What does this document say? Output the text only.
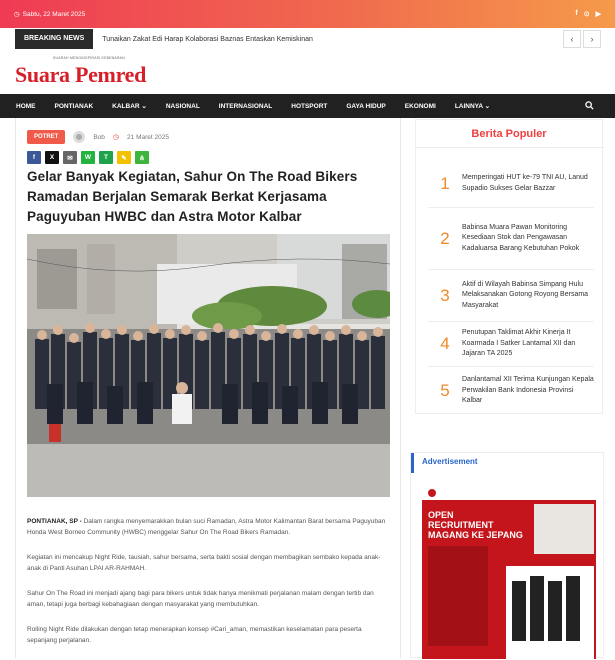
◷ Sabtu, 22 Maret 2025	f ⊙ ▶
BREAKING NEWS	Tunaikan Zakat Edi Harap Kolaborasi Baznas Entaskan Kemiskinan	‹	›
SUARAH MENGINSPIRASI KEBENARAN
Suara Pemred
HOME	PONTIANAK	KALBAR ⌄	NASIONAL	INTERNASIONAL	HOTSPORT	GAYA HIDUP	EKONOMI	LAINNYA ⌄
POTRET	Bob ◷ 21 Maret 2025
f	X	✉	W	T	✎	⋔
Gelar Banyak Kegiatan, Sahur On The Road Bikers Ramadan Berjalan Semarak Berkat Kerjasama Paguyuban HWBC dan Astra Motor Kalbar

PONTIANAK, SP - Dalam rangka menyemarakkan bulan suci Ramadan, Astra Motor Kalimantan Barat bersama Paguyuban Honda West Borneo Community (HWBC) menggelar Sahur On The Road Bikers Ramadan.

Kegiatan ini mencakup Night Ride, tausiah, sahur bersama, serta bakti sosial dengan membagikan sembako kepada anak-anak di Panti Asuhan LPAI AR-RAHMAH.

Sahur On The Road ini menjadi ajang bagi para bikers untuk tidak hanya menikmati perjalanan malam dengan tertib dan aman, tetapi juga berbagi kebahagiaan dengan masyarakat yang membutuhkan.

Rolling Night Ride dilakukan dengan tetap menerapkan konsep #Cari_aman, memastikan keselamatan para peserta sepanjang perjalanan.

Berita Populer
1	Memperingati HUT ke-79 TNI AU, Lanud Supadio Sukses Gelar Bazzar
2
Babinsa Muara Pawan Monitoring Kesediaan Stok dan Pengawasan Kadaluarsa Barang Kebutuhan Pokok
3
Aktif di Wilayah Babinsa Simpang Hulu Melaksanakan Gotong Royong Bersama Masyarakat
4
Penutupan Taklimat Akhir Kinerja It Koarmada I Satker Lantamal XII dan Jajaran TA 2025
5
Danlantamal XII Terima Kunjungan Kepala Perwakilan Bank Indonesia Provinsi Kalbar
Advertisement
OPEN
RECRUITMENT
MAGANG KE JEPANG
